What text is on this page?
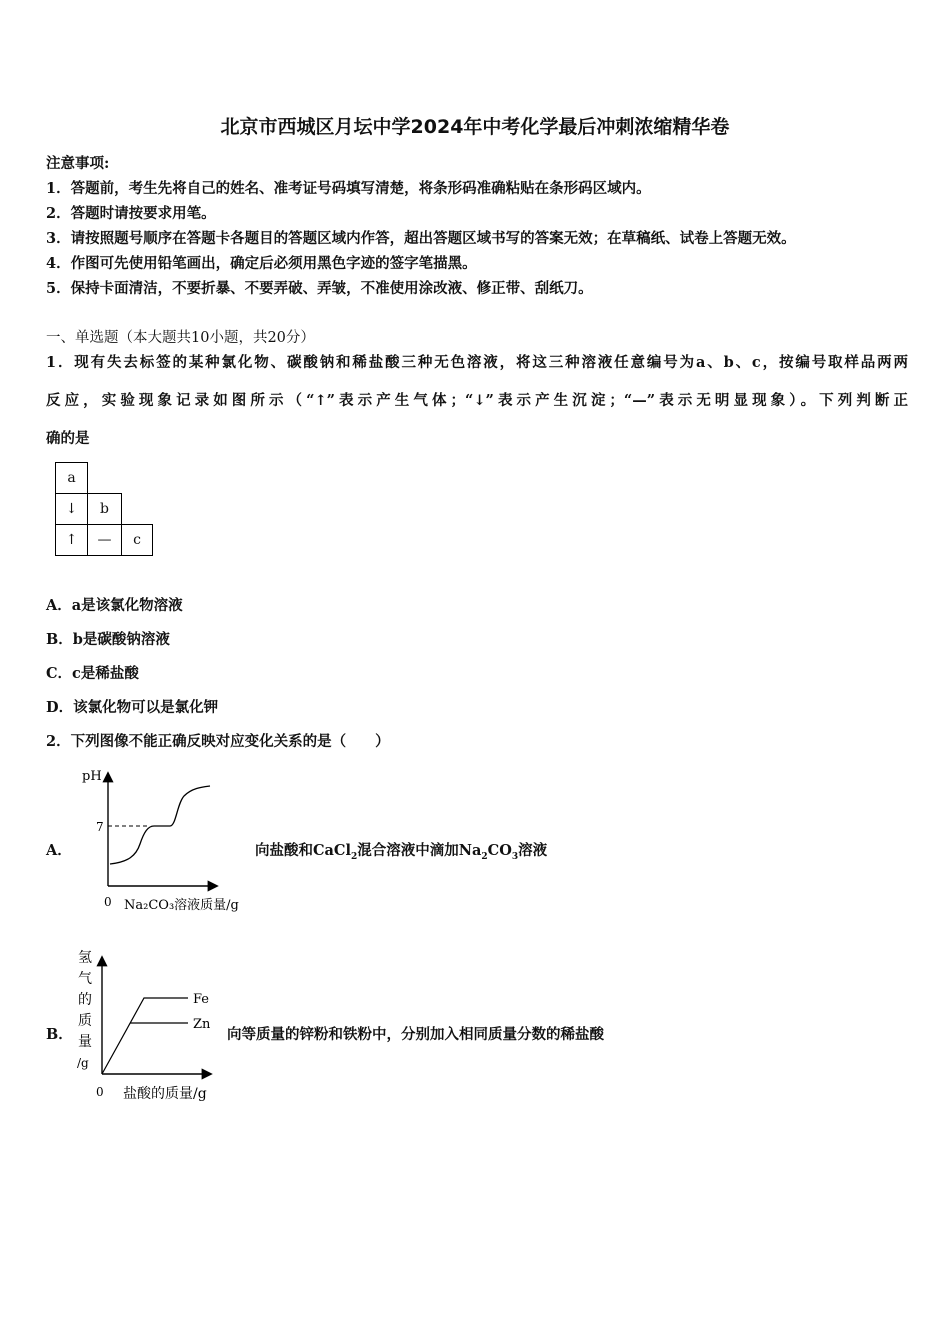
北京市西城区月坛中学2024年中考化学最后冲刺浓缩精华卷
注意事项:
1．答题前，考生先将自己的姓名、准考证号码填写清楚，将条形码准确粘贴在条形码区域内。
2．答题时请按要求用笔。
3．请按照题号顺序在答题卡各题目的答题区域内作答，超出答题区域书写的答案无效；在草稿纸、试卷上答题无效。
4．作图可先使用铅笔画出，确定后必须用黑色字迹的签字笔描黑。
5．保持卡面清洁，不要折暴、不要弄破、弄皱，不准使用涂改液、修正带、刮纸刀。
一、单选题（本大题共10小题，共20分）
1．现有失去标签的某种氯化物、碳酸钠和稀盐酸三种无色溶液，将这三种溶液任意编号为a、b、c，按编号取样品两两
反应，实验现象记录如图所示（“↑”表示产生气体；“↓”表示产生沉淀；“—”表示无明显现象）。下列判断正
确的是
a
↓	b
↑	—	c
A．a是该氯化物溶液
B．b是碳酸钠溶液
C．c是稀盐酸
D．该氯化物可以是氯化钾
2．下列图像不能正确反映对应变化关系的是（　　）
A．
pH
7
0 Na₂CO₃溶液质量/g
向盐酸和CaCl$_2$混合溶液中滴加$Na_2CO_3$溶液
B．
氢
气
的
质
量
/g
Fe
Zn
0 盐酸的质量/g
向等质量的锌粉和铁粉中，分别加入相同质量分数的稀盐酸
